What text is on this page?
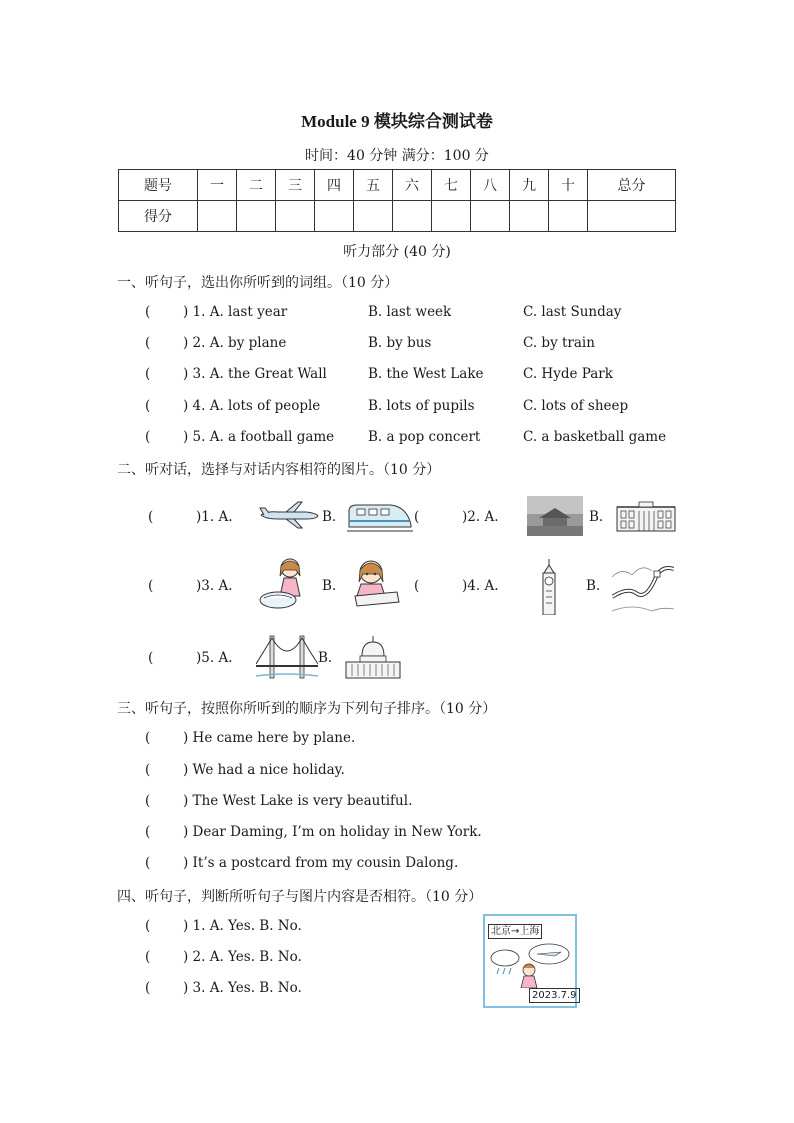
Module 9 模块综合测试卷
时间：40 分钟 满分：100 分
题号	一	二	三	四	五	六	七	八	九	十	总分
得分											
听力部分 (40 分)
一、听句子，选出你所听到的词组。（10 分）
( ) 1. A. last year	B. last week	C. last Sunday
( ) 2. A. by plane	B. by bus	C. by train
( ) 3. A. the Great Wall	B. the West Lake	C. Hyde Park
( ) 4. A. lots of people	B. lots of pupils	C. lots of sheep
( ) 5. A. a football game	B. a pop concert	C. a basketball game
二、听对话，选择与对话内容相符的图片。（10 分）
(	)1. A.	B.	(	)2. A.	B.
(	)3. A.	B.	(	)4. A.	B.
(	)5. A.	B.
三、听句子，按照你所听到的顺序为下列句子排序。（10 分）
( ) He came here by plane.
( ) We had a nice holiday.
( ) The West Lake is very beautiful.
( ) Dear Daming, I’m on holiday in New York.
( ) It’s a postcard from my cousin Dalong.
四、听句子，判断所听句子与图片内容是否相符。（10 分）
( ) 1. A. Yes. B. No.
( ) 2. A. Yes. B. No.
( ) 3. A. Yes. B. No.
北京→上海
2023.7.9
